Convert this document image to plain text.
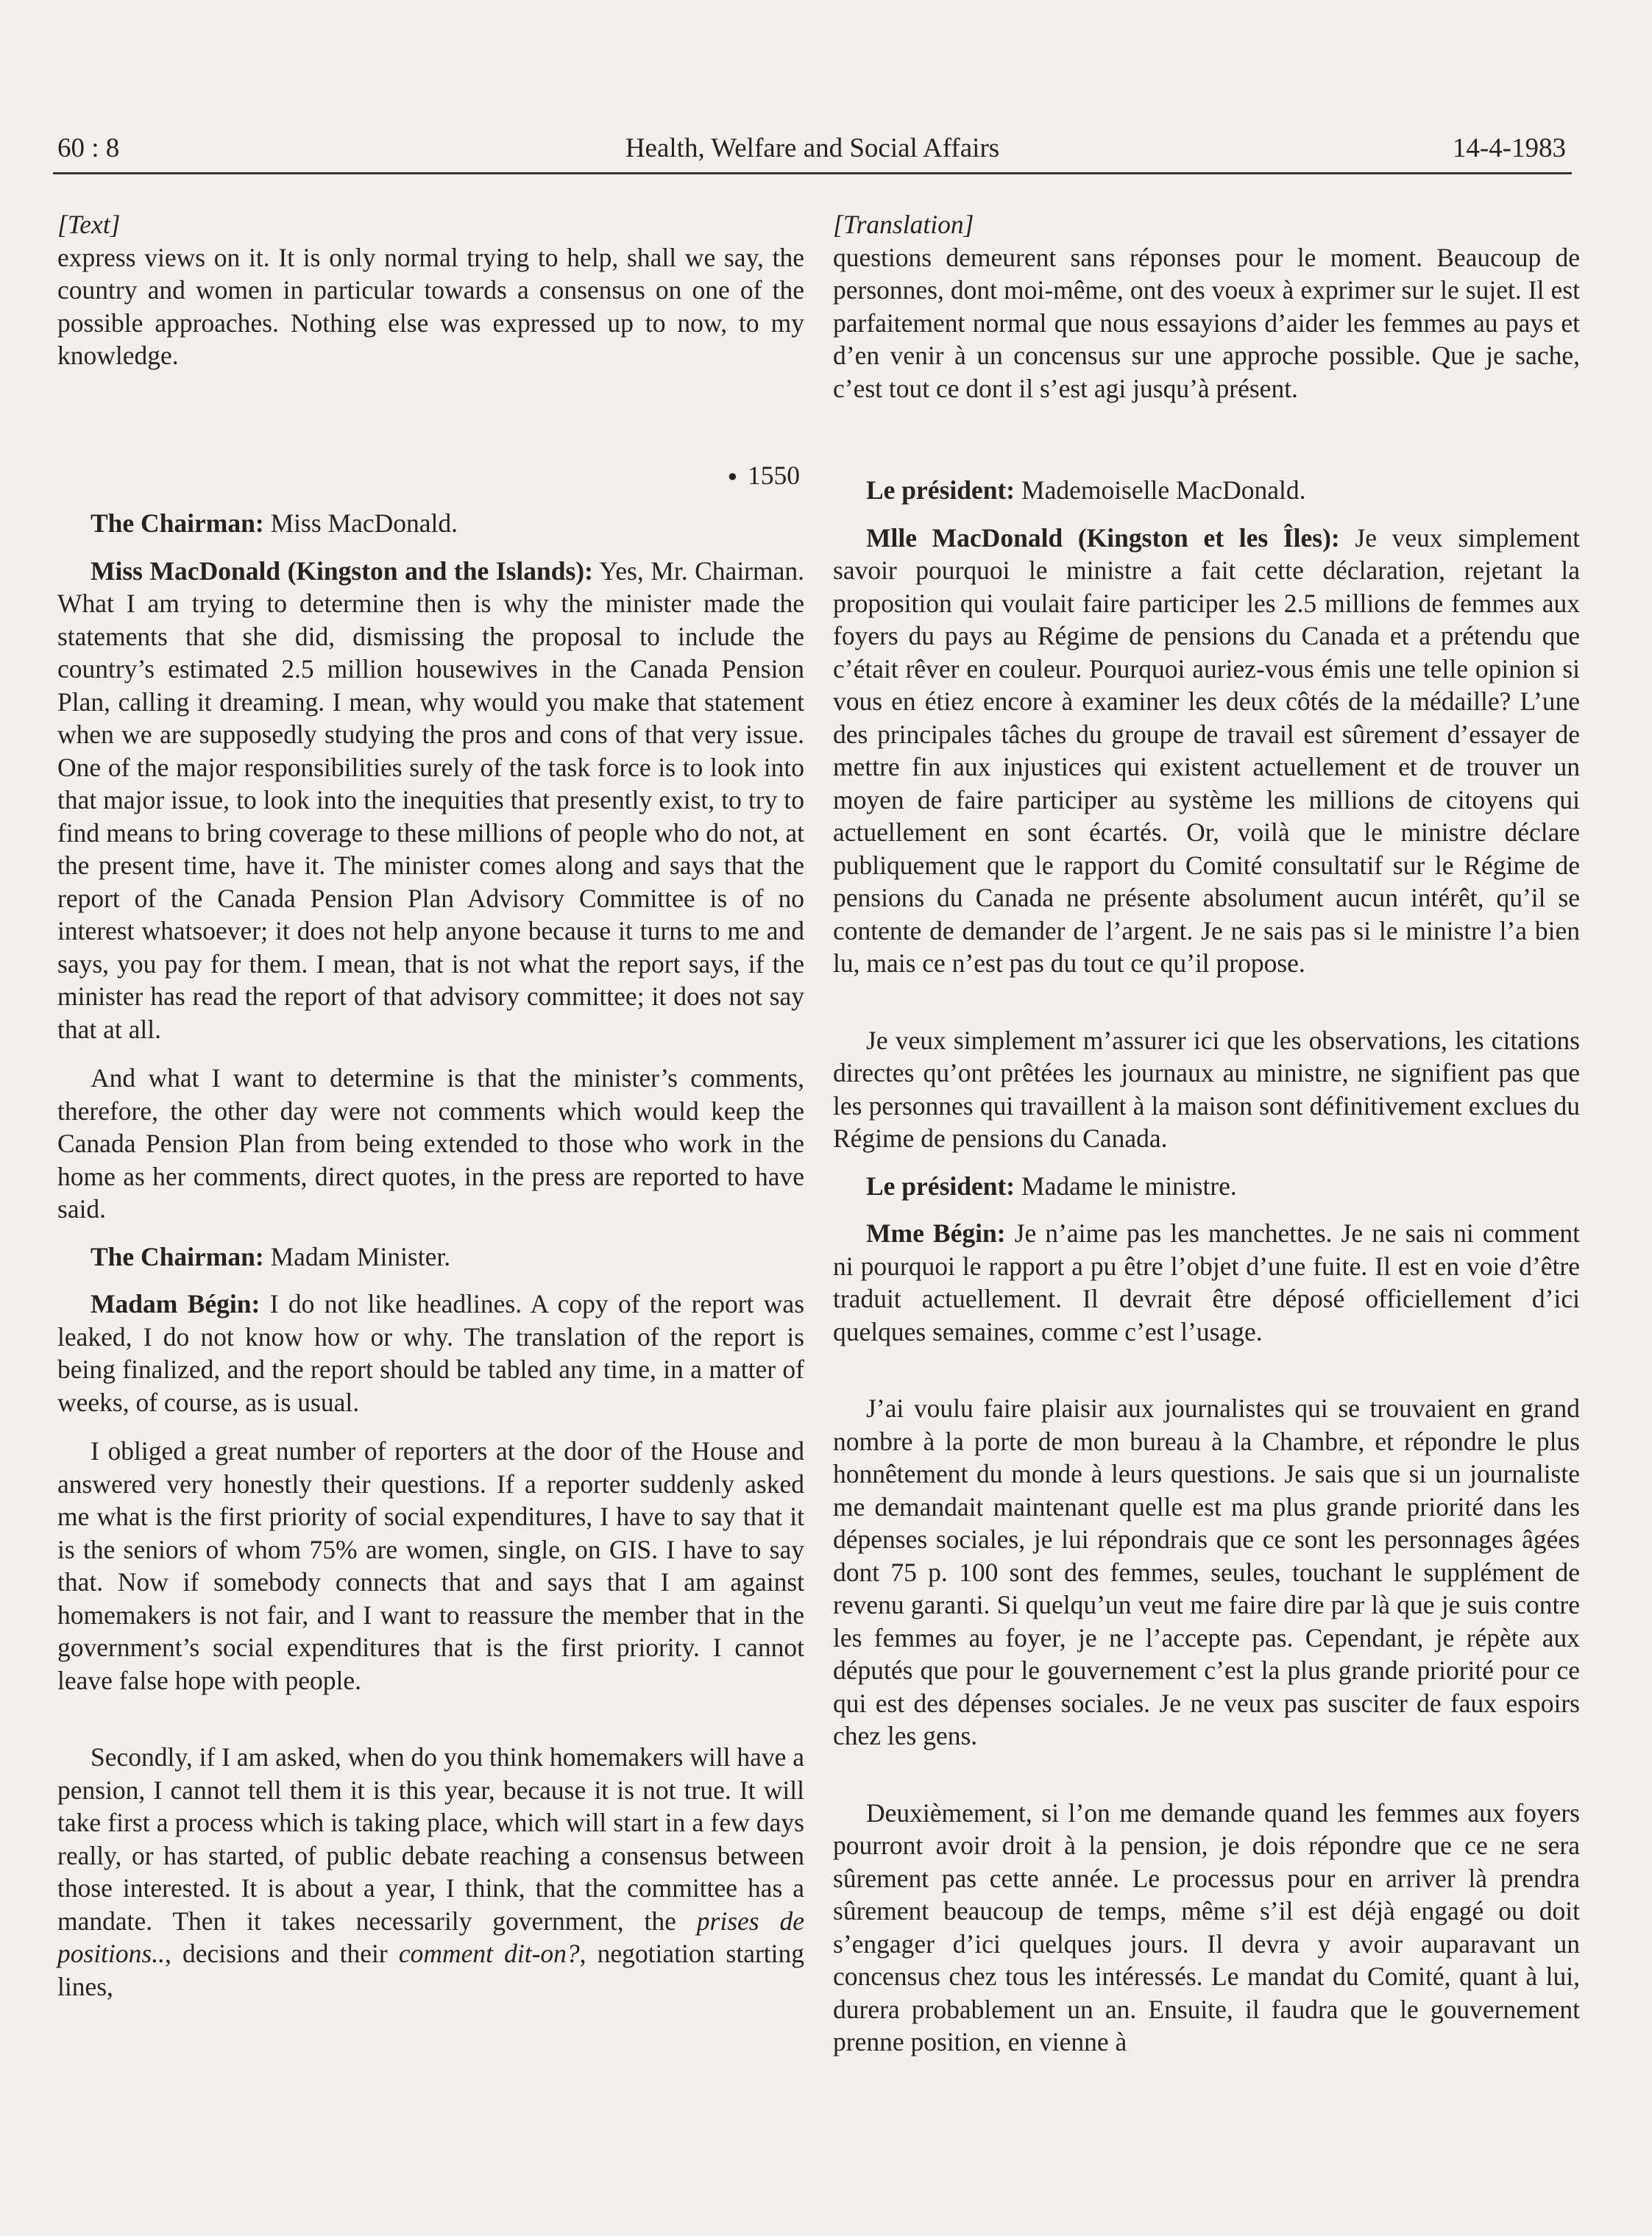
60 : 8	Health, Welfare and Social Affairs	14-4-1983

[Text]

express views on it. It is only normal trying to help, shall we say, the country and women in particular towards a consensus on one of the possible approaches. Nothing else was expressed up to now, to my knowledge.

● 1550

The Chairman: Miss MacDonald.

Miss MacDonald (Kingston and the Islands): Yes, Mr. Chairman. What I am trying to determine then is why the minister made the statements that she did, dismissing the proposal to include the country’s estimated 2.5 million housewives in the Canada Pension Plan, calling it dreaming. I mean, why would you make that statement when we are supposedly studying the pros and cons of that very issue. One of the major responsibilities surely of the task force is to look into that major issue, to look into the inequities that presently exist, to try to find means to bring coverage to these millions of people who do not, at the present time, have it. The minister comes along and says that the report of the Canada Pension Plan Advisory Committee is of no interest whatsoever; it does not help anyone because it turns to me and says, you pay for them. I mean, that is not what the report says, if the minister has read the report of that advisory committee; it does not say that at all.

And what I want to determine is that the minister’s comments, therefore, the other day were not comments which would keep the Canada Pension Plan from being extended to those who work in the home as her comments, direct quotes, in the press are reported to have said.

The Chairman: Madam Minister.

Madam Bégin: I do not like headlines. A copy of the report was leaked, I do not know how or why. The translation of the report is being finalized, and the report should be tabled any time, in a matter of weeks, of course, as is usual.

I obliged a great number of reporters at the door of the House and answered very honestly their questions. If a reporter suddenly asked me what is the first priority of social expenditures, I have to say that it is the seniors of whom 75% are women, single, on GIS. I have to say that. Now if somebody connects that and says that I am against homemakers is not fair, and I want to reassure the member that in the government’s social expenditures that is the first priority. I cannot leave false hope with people.

Secondly, if I am asked, when do you think homemakers will have a pension, I cannot tell them it is this year, because it is not true. It will take first a process which is taking place, which will start in a few days really, or has started, of public debate reaching a consensus between those interested. It is about a year, I think, that the committee has a mandate. Then it takes necessarily government, the prises de positions.., decisions and their comment dit-on?, negotiation starting lines,

[Translation]

questions demeurent sans réponses pour le moment. Beaucoup de personnes, dont moi-même, ont des voeux à exprimer sur le sujet. Il est parfaitement normal que nous essayions d’aider les femmes au pays et d’en venir à un concensus sur une approche possible. Que je sache, c’est tout ce dont il s’est agi jusqu’à présent.

Le président: Mademoiselle MacDonald.

Mlle MacDonald (Kingston et les Îles): Je veux simplement savoir pourquoi le ministre a fait cette déclaration, rejetant la proposition qui voulait faire participer les 2.5 millions de femmes aux foyers du pays au Régime de pensions du Canada et a prétendu que c’était rêver en couleur. Pourquoi auriez-vous émis une telle opinion si vous en étiez encore à examiner les deux côtés de la médaille? L’une des principales tâches du groupe de travail est sûrement d’essayer de mettre fin aux injustices qui existent actuellement et de trouver un moyen de faire participer au système les millions de citoyens qui actuellement en sont écartés. Or, voilà que le ministre déclare publiquement que le rapport du Comité consultatif sur le Régime de pensions du Canada ne présente absolument aucun intérêt, qu’il se contente de demander de l’argent. Je ne sais pas si le ministre l’a bien lu, mais ce n’est pas du tout ce qu’il propose.

Je veux simplement m’assurer ici que les observations, les citations directes qu’ont prêtées les journaux au ministre, ne signifient pas que les personnes qui travaillent à la maison sont définitivement exclues du Régime de pensions du Canada.

Le président: Madame le ministre.

Mme Bégin: Je n’aime pas les manchettes. Je ne sais ni comment ni pourquoi le rapport a pu être l’objet d’une fuite. Il est en voie d’être traduit actuellement. Il devrait être déposé officiellement d’ici quelques semaines, comme c’est l’usage.

J’ai voulu faire plaisir aux journalistes qui se trouvaient en grand nombre à la porte de mon bureau à la Chambre, et répondre le plus honnêtement du monde à leurs questions. Je sais que si un journaliste me demandait maintenant quelle est ma plus grande priorité dans les dépenses sociales, je lui répondrais que ce sont les personnages âgées dont 75 p. 100 sont des femmes, seules, touchant le supplément de revenu garanti. Si quelqu’un veut me faire dire par là que je suis contre les femmes au foyer, je ne l’accepte pas. Cependant, je répète aux députés que pour le gouvernement c’est la plus grande priorité pour ce qui est des dépenses sociales. Je ne veux pas susciter de faux espoirs chez les gens.

Deuxièmement, si l’on me demande quand les femmes aux foyers pourront avoir droit à la pension, je dois répondre que ce ne sera sûrement pas cette année. Le processus pour en arriver là prendra sûrement beaucoup de temps, même s’il est déjà engagé ou doit s’engager d’ici quelques jours. Il devra y avoir auparavant un concensus chez tous les intéressés. Le mandat du Comité, quant à lui, durera probablement un an. Ensuite, il faudra que le gouvernement prenne position, en vienne à
